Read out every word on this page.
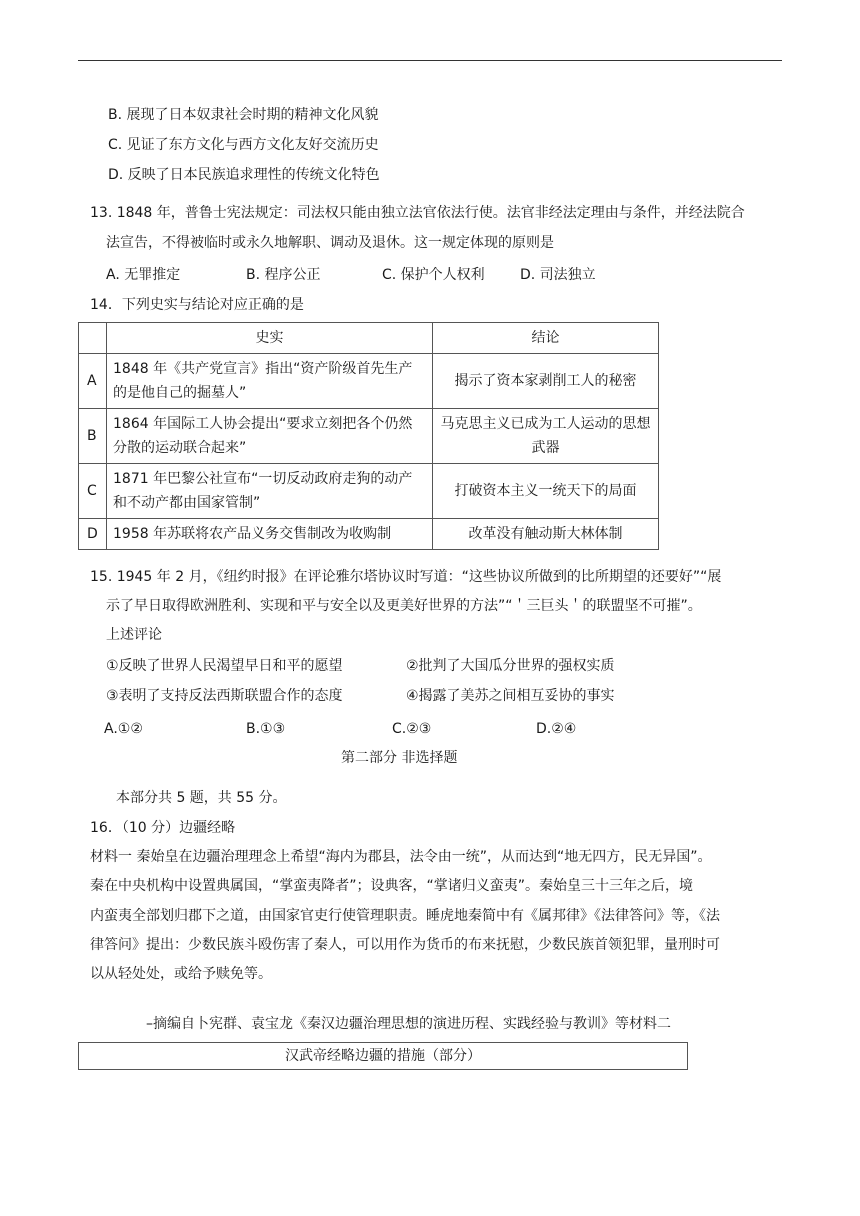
B. 展现了日本奴隶社会时期的精神文化风貌
C. 见证了东方文化与西方文化友好交流历史
D. 反映了日本民族追求理性的传统文化特色
13. 1848 年，普鲁士宪法规定：司法权只能由独立法官依法行使。法官非经法定理由与条件，并经法院合
法宣告，不得被临时或永久地解职、调动及退休。这一规定体现的原则是
A. 无罪推定	B. 程序公正	C. 保护个人权利	D. 司法独立
14．下列史实与结论对应正确的是
	史实	结论
A	1848 年《共产党宣言》指出“资产阶级首先生产的是他自己的掘墓人”	揭示了资本家剥削工人的秘密
B	1864 年国际工人协会提出“要求立刻把各个仍然分散的运动联合起来”	马克思主义已成为工人运动的思想武器
C	1871 年巴黎公社宣布“一切反动政府走狗的动产和不动产都由国家管制”	打破资本主义一统天下的局面
D	1958 年苏联将农产品义务交售制改为收购制	改革没有触动斯大林体制
15. 1945 年 2 月，《纽约时报》在评论雅尔塔协议时写道：“这些协议所做到的比所期望的还要好”“展
示了早日取得欧洲胜利、实现和平与安全以及更美好世界的方法”“＇三巨头＇的联盟坚不可摧”。
上述评论
①反映了世界人民渴望早日和平的愿望	②批判了大国瓜分世界的强权实质
③表明了支持反法西斯联盟合作的态度	④揭露了美苏之间相互妥协的事实
A.①②	B.①③	C.②③	D.②④
第二部分 非选择题
本部分共 5 题，共 55 分。
16．（10 分）边疆经略
材料一 秦始皇在边疆治理理念上希望“海内为郡县，法令由一统”，从而达到“地无四方，民无异国”。
秦在中央机构中设置典属国，“掌蛮夷降者”；设典客，“掌诸归义蛮夷”。秦始皇三十三年之后，境
内蛮夷全部划归郡下之道，由国家官吏行使管理职责。睡虎地秦简中有《属邦律》《法律答问》等，《法
律答问》提出：少数民族斗殴伤害了秦人，可以用作为货币的布来抚慰，少数民族首领犯罪，量刑时可
以从轻处处，或给予赎免等。
–摘编自卜宪群、袁宝龙《秦汉边疆治理思想的演进历程、实践经验与教训》等材料二
汉武帝经略边疆的措施（部分）
